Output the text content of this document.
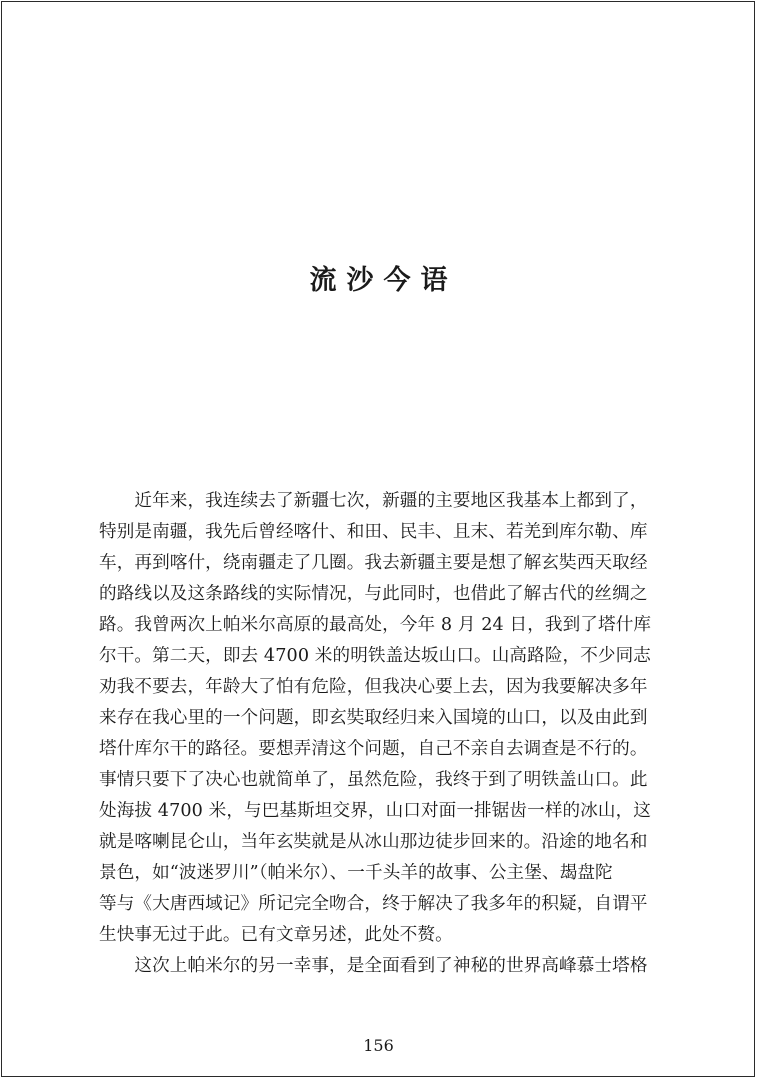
流沙今语
　　近年来，我连续去了新疆七次，新疆的主要地区我基本上都到了，
特别是南疆，我先后曾经喀什、和田、民丰、且末、若羌到库尔勒、库
车，再到喀什，绕南疆走了几圈。我去新疆主要是想了解玄奘西天取经
的路线以及这条路线的实际情况，与此同时，也借此了解古代的丝绸之
路。我曾两次上帕米尔高原的最高处，今年 8 月 24 日，我到了塔什库
尔干。第二天，即去 4700 米的明铁盖达坂山口。山高路险，不少同志
劝我不要去，年龄大了怕有危险，但我决心要上去，因为我要解决多年
来存在我心里的一个问题，即玄奘取经归来入国境的山口，以及由此到
塔什库尔干的路径。要想弄清这个问题，自己不亲自去调查是不行的。
事情只要下了决心也就简单了，虽然危险，我终于到了明铁盖山口。此
处海拔 4700 米，与巴基斯坦交界，山口对面一排锯齿一样的冰山，这
就是喀喇昆仑山，当年玄奘就是从冰山那边徒步回来的。沿途的地名和
景色，如“波迷罗川”（帕米尔）、一千头羊的故事、公主堡、朅盘陀
等与《大唐西域记》所记完全吻合，终于解决了我多年的积疑，自谓平
生快事无过于此。已有文章另述，此处不赘。
　　这次上帕米尔的另一幸事，是全面看到了神秘的世界高峰慕士塔格
156
